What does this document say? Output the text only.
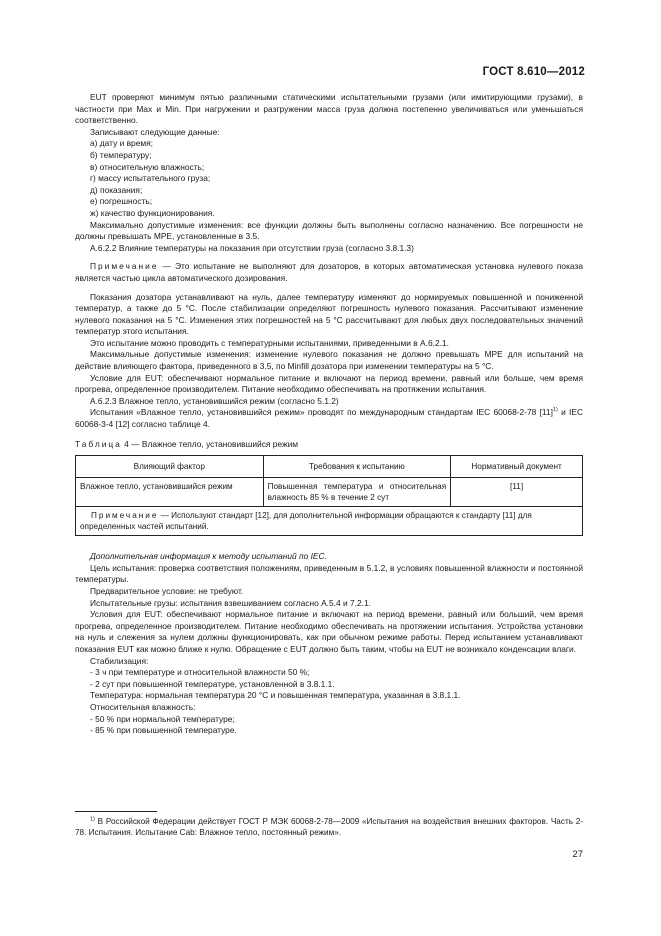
ГОСТ 8.610—2012

EUT проверяют минимум пятью различными статическими испытательными грузами (или имитирующими грузами), в частности при Max и Min. При нагружении и разгружении масса груза должна постепенно увеличиваться или уменьшаться соответственно.

Записывают следующие данные:

а) дату и время;

б) температуру;

в) относительную влажность;

г) массу испытательного груза;

д) показания;

е) погрешность;

ж) качество функционирования.

Максимально допустимые изменения: все функции должны быть выполнены согласно назначению. Все погрешности не должны превышать МРЕ, установленные в 3.5.

А.6.2.2 Влияние температуры на показания при отсутствии груза (согласно 3.8.1.3)

Примечание — Это испытание не выполняют для дозаторов, в которых автоматическая установка нулевого показа является частью цикла автоматического дозирования.

Показания дозатора устанавливают на нуль, далее температуру изменяют до нормируемых повышенной и пониженной температур, а также до 5 °С. После стабилизации определяют погрешность нулевого показания. Рассчитывают изменение нулевого показания на 5 °С. Изменения этих погрешностей на 5 °С рассчитывают для любых двух последовательных значений температур этого испытания.

Это испытание можно проводить с температурными испытаниями, приведенными в А.6.2.1.

Максимальные допустимые изменения: изменение нулевого показания не должно превышать МРЕ для испытаний на действие влияющего фактора, приведенного в 3.5, по Minfill дозатора при изменении температуры на 5 °С.

Условие для EUT: обеспечивают нормальное питание и включают на период времени, равный или больше, чем время прогрева, определенное производителем. Питание необходимо обеспечивать на протяжении испытания.

А.6.2.3 Влажное тепло, установившийся режим (согласно 5.1.2)

Испытания «Влажное тепло, установившийся режим» проводят по международным стандартам IEC 60068-2-78 $[11]^{1)}$ и IEC 60068-3-4 [12] согласно таблице 4.

Таблица 4 — Влажное тепло, установившийся режим

Влияющий фактор	Требования к испытанию	Нормативный документ
Влажное тепло, установившийся режим	Повышенная температура и относительная влажность 85 % в течение 2 сут	[11]
Примечание — Используют стандарт [12], для дополнительной информации обращаются к стандарту [11] для определенных частей испытаний.		

Дополнительная информация к методу испытаний по IEC.

Цель испытания: проверка соответствия положениям, приведенным в 5.1.2, в условиях повышенной влажности и постоянной температуры.

Предварительное условие: не требуют.

Испытательные грузы: испытания взвешиванием согласно А.5.4 и 7.2.1.

Условия для EUT: обеспечивают нормальное питание и включают на период времени, равный или больший, чем время прогрева, определенное производителем. Питание необходимо обеспечивать на протяжении испытания. Устройства установки на нуль и слежения за нулем должны функционировать, как при обычном режиме работы. Перед испытанием устанавливают показания EUT как можно ближе к нулю. Обращение с EUT должно быть таким, чтобы на EUT не возникало конденсации влаги.

Стабилизация:

- 3 ч при температуре и относительной влажности 50 %;

- 2 сут при повышенной температуре, установленной в 3.8.1.1.

Температура: нормальная температура 20 °С и повышенная температура, указанная в 3.8.1.1.

Относительная влажность:

- 50 % при нормальной температуре;

- 85 % при повышенной температуре.

$^{1)}$ В Российской Федерации действует ГОСТ Р МЭК 60068-2-78—2009 «Испытания на воздействия внешних факторов. Часть 2-78. Испытания. Испытание Cab: Влажное тепло, постоянный режим».
27
